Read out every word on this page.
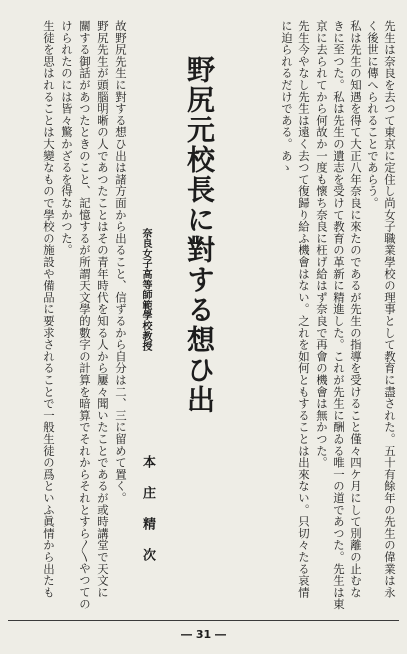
先生は奈良を去つて東京に定住し尚女子職業學校の理事として教育に盡された。五十有餘年の先生の偉業は永
く後世に傳へられることであらう。
私は先生の知遇を得て大正八年奈良に來たのであるが先生の指導を受けること僅々四ケ月にして別離の止むな
きに至つた。私は先生の遺志を受けて教育の革新に精進した。これが先生に酬ゐる唯一の道であつた。先生は東
京に去られてから何故か一度も懷ち奈良に枉げ給はず奈良で再會の機會は無かつた。
先生今やなし先生は遠く去つて復歸り給ふ機會はない。之れを如何ともすることは出來ない。只切々たる哀情
に迫られるだけである。あゝ
野尻元校長に對する想ひ出
奈良女子高等師範學校教授
本庄精次
故野尻先生に對する想ひ出は諸方面から出ること、信ずるから自分は二、三に留めて置く。
野尻先生が頭腦明晰の人であつたことはその青年時代を知る人から屢々聞いたことであるが或時講堂で天文に
關する御話があつたときのこと、記憶するが所謂天文學的數字の計算を暗算でそれからそれとすら〳〵やつての
けられたのには皆々驚かざるを得なかつた。
生徒を思はれることは大變なもので學校の施設や備品に要求されることで一般生徒の爲といふ眞情から出たも
― 31 ―
